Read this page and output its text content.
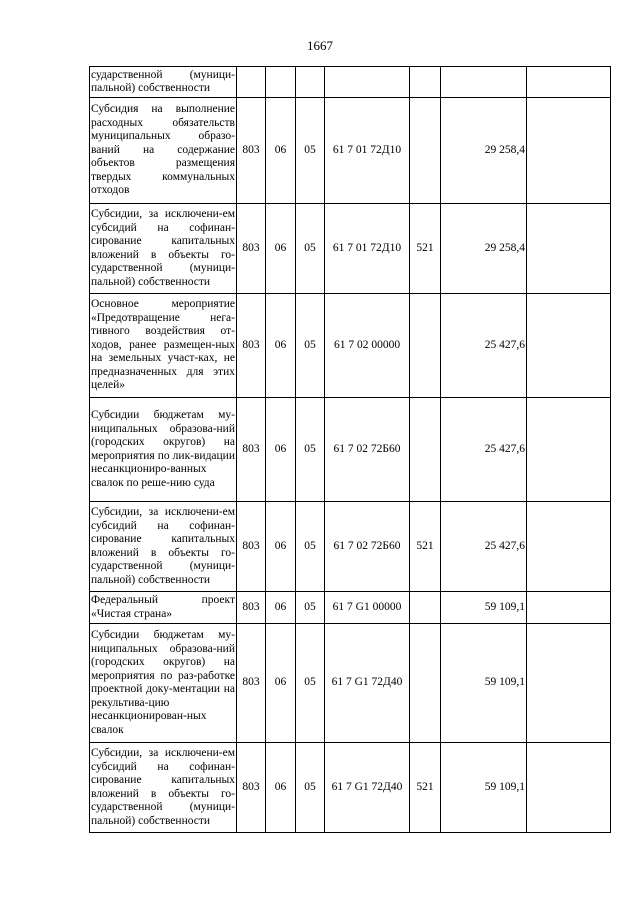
1667
сударственной (муници-пальной) собственности							
Субсидия на выполнение расходных обязательств муниципальных образо-ваний на содержание объектов размещения твердых коммунальных отходов	803	06	05	61 7 01 72Д10		29 258,4	
Субсидии, за исключени-ем субсидий на софинан-сирование капитальных вложений в объекты го-сударственной (муници-пальной) собственности	803	06	05	61 7 01 72Д10	521	29 258,4	
Основное мероприятие «Предотвращение нега-тивного воздействия от-ходов, ранее размещен-ных на земельных участ-ках, не предназначенных для этих целей»	803	06	05	61 7 02 00000		25 427,6	
Субсидии бюджетам му-ниципальных образова-ний (городских округов) на мероприятия по лик-видации несанкциониро-ванных свалок по реше-нию суда	803	06	05	61 7 02 72Б60		25 427,6	
Субсидии, за исключени-ем субсидий на софинан-сирование капитальных вложений в объекты го-сударственной (муници-пальной) собственности	803	06	05	61 7 02 72Б60	521	25 427,6	
Федеральный проект «Чистая страна»	803	06	05	61 7 G1 00000		59 109,1	
Субсидии бюджетам му-ниципальных образова-ний (городских округов) на мероприятия по раз-работке проектной доку-ментации на рекультива-цию несанкционирован-ных свалок	803	06	05	61 7 G1 72Д40		59 109,1	
Субсидии, за исключени-ем субсидий на софинан-сирование капитальных вложений в объекты го-сударственной (муници-пальной) собственности	803	06	05	61 7 G1 72Д40	521	59 109,1	
